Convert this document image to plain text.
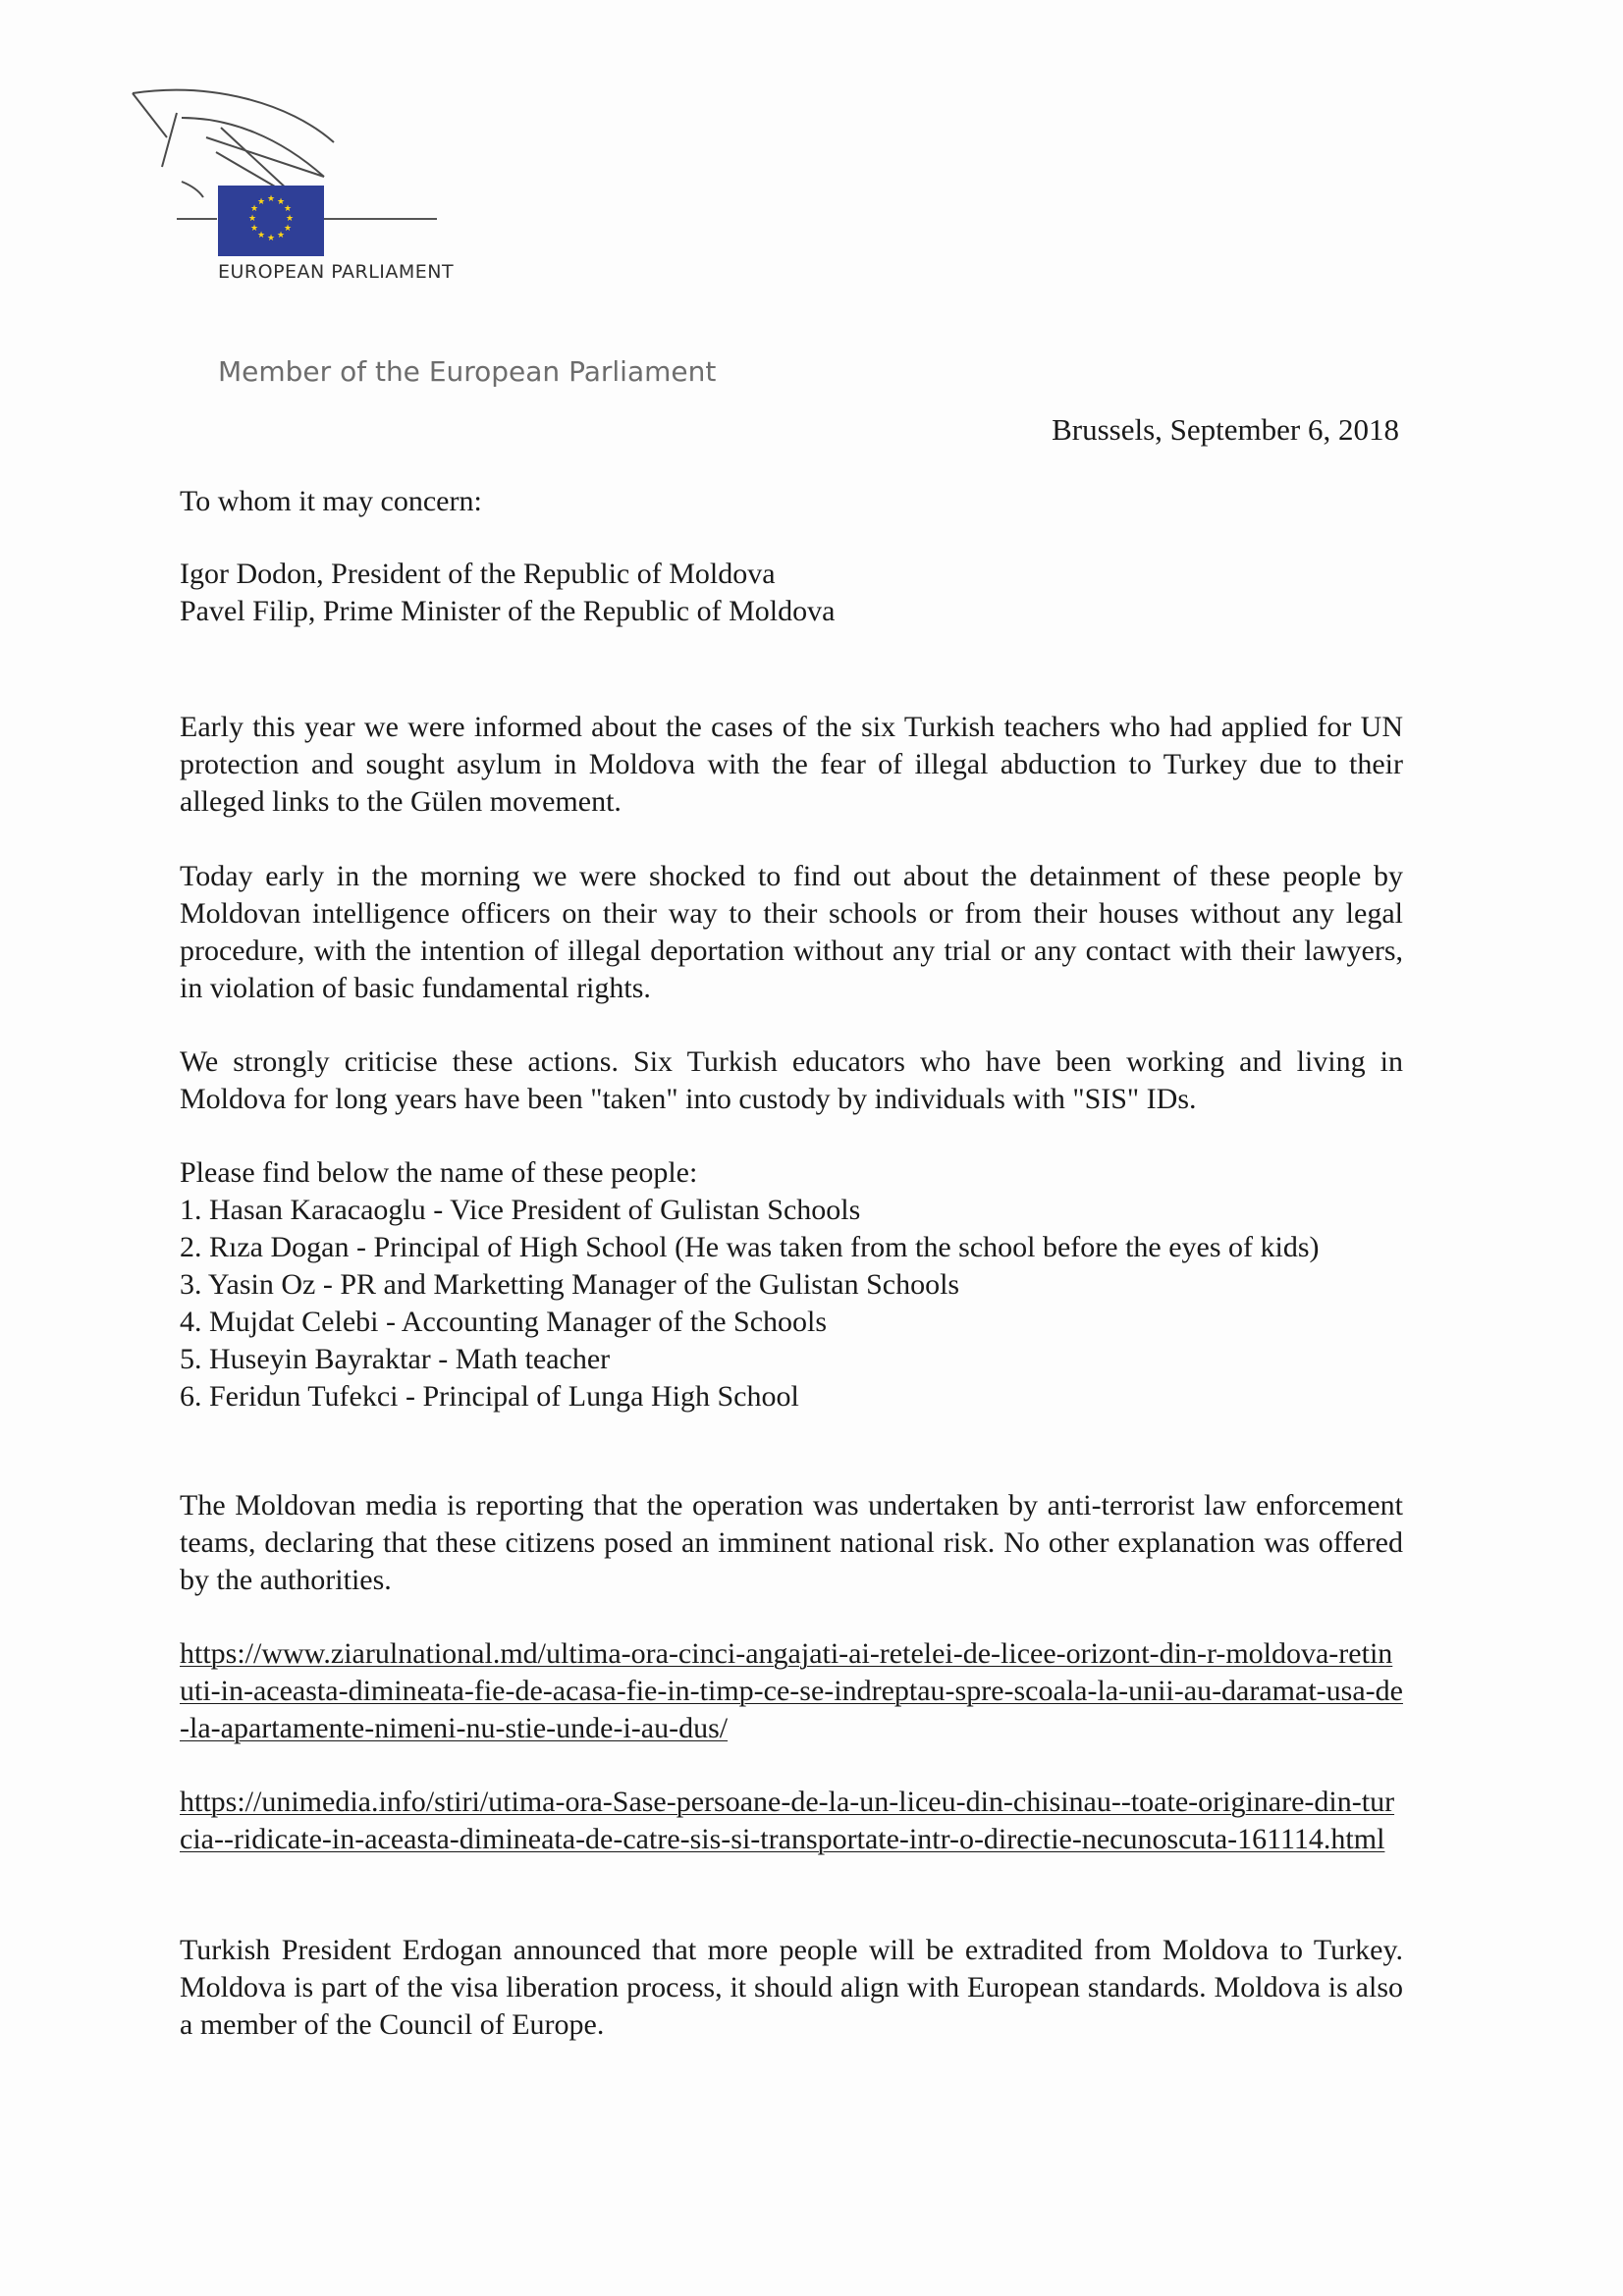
★ ★
★
★
★
★
★
★
★
★
★
★
EUROPEAN PARLIAMENT
Member of the European Parliament
Brussels, September 6, 2018
To whom it may concern:

Igor Dodon, President of the Republic of Moldova

Pavel Filip, Prime Minister of the Republic of Moldova

Early this year we were informed about the cases of the six Turkish teachers who had applied for UN protection and sought asylum in Moldova with the fear of illegal abduction to Turkey due to their alleged links to the Gülen movement.
Today early in the morning we were shocked to find out about the detainment of these people by Moldovan intelligence officers on their way to their schools or from their houses without any legal procedure, with the intention of illegal deportation without any trial or any contact with their lawyers, in violation of basic fundamental rights.
We strongly criticise these actions. Six Turkish educators who have been working and living in Moldova for long years have been "taken" into custody by individuals with "SIS" IDs.

Please find below the name of these people:

1. Hasan Karacaoglu - Vice President of Gulistan Schools
2. Rıza Dogan - Principal of High School (He was taken from the school before the eyes of kids)
3. Yasin Oz - PR and Marketting Manager of the Gulistan Schools
4. Mujdat Celebi - Accounting Manager of the Schools
5. Huseyin Bayraktar - Math teacher
6. Feridun Tufekci - Principal of Lunga High School
The Moldovan media is reporting that the operation was undertaken by anti-terrorist law enforcement teams, declaring that these citizens posed an imminent national risk. No other explanation was offered by the authorities.
https://www.ziarulnational.md/ultima-ora-cinci-angajati-ai-retelei-de-licee-orizont-din-r-moldova-retinuti-in-aceasta-dimineata-fie-de-acasa-fie-in-timp-ce-se-indreptau-spre-scoala-la-unii-au-daramat-usa-de-la-apartamente-nimeni-nu-stie-unde-i-au-dus/
https://unimedia.info/stiri/utima-ora-Sase-persoane-de-la-un-liceu-din-chisinau--toate-originare-din-turcia--ridicate-in-aceasta-dimineata-de-catre-sis-si-transportate-intr-o-directie-necunoscuta-161114.html
Turkish President Erdogan announced that more people will be extradited from Moldova to Turkey. Moldova is part of the visa liberation process, it should align with European standards. Moldova is also a member of the Council of Europe.
